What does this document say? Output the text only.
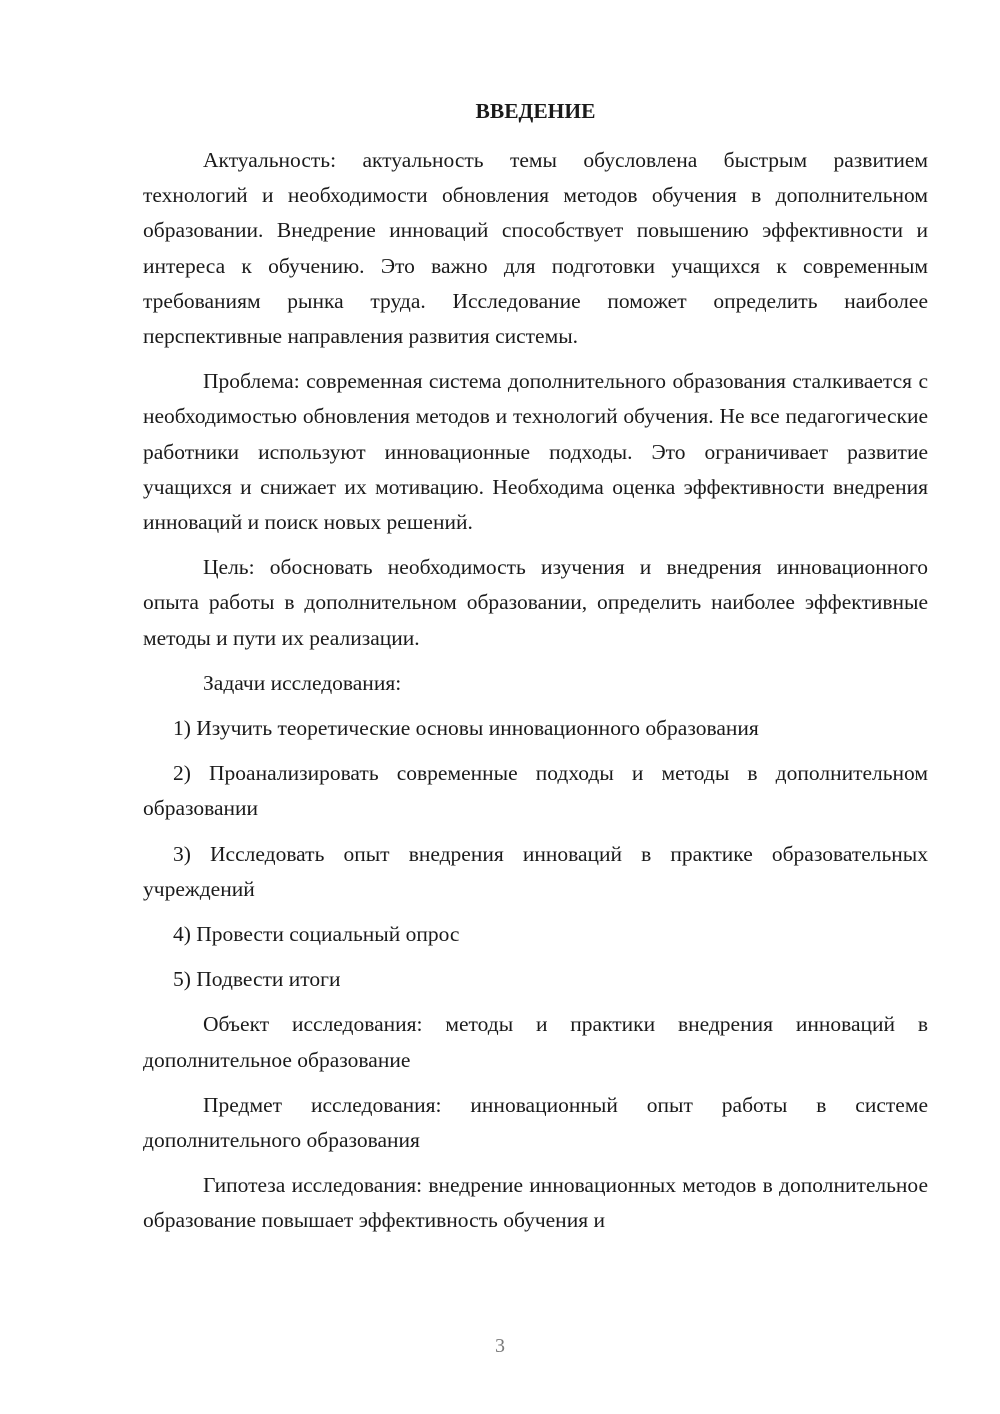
ВВЕДЕНИЕ

Актуальность: актуальность темы обусловлена быстрым развитием технологий и необходимости обновления методов обучения в дополнительном образовании. Внедрение инноваций способствует повышению эффективности и интереса к обучению. Это важно для подготовки учащихся к современным требованиям рынка труда. Исследование поможет определить наиболее перспективные направления развития системы.

Проблема: современная система дополнительного образования сталкивается с необходимостью обновления методов и технологий обучения. Не все педагогические работники используют инновационные подходы. Это ограничивает развитие учащихся и снижает их мотивацию. Необходима оценка эффективности внедрения инноваций и поиск новых решений.

Цель: обосновать необходимость изучения и внедрения инновационного опыта работы в дополнительном образовании, определить наиболее эффективные методы и пути их реализации.

Задачи исследования:

1) Изучить теоретические основы инновационного образования

2) Проанализировать современные подходы и методы в дополнительном образовании

3) Исследовать опыт внедрения инноваций в практике образовательных учреждений

4) Провести социальный опрос

5) Подвести итоги

Объект исследования: методы и практики внедрения инноваций в дополнительное образование

Предмет исследования: инновационный опыт работы в системе дополнительного образования

Гипотеза исследования: внедрение инновационных методов в дополнительное образование повышает эффективность обучения и

3
